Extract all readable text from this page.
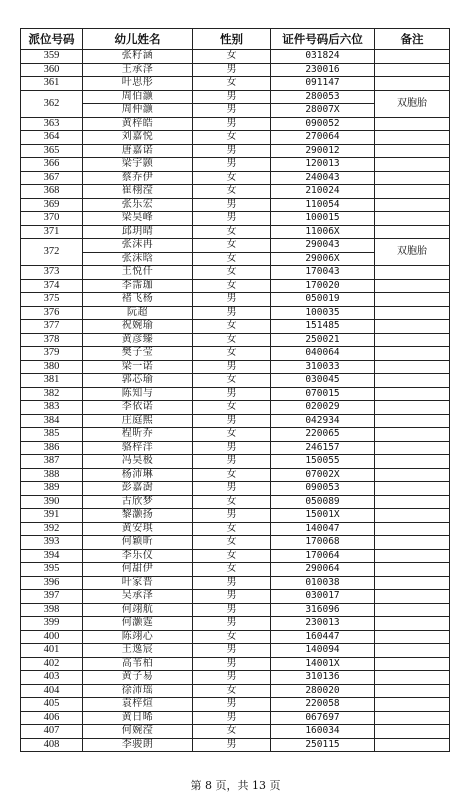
派位号码	幼儿姓名	性别	证件号码后六位	备注
359	张籽涵	女	031824	
360	王承泽	男	230016	
361	叶思彤	女	091147	
362	周伯灏	男	280053	双胞胎
	周仲灏	男	28007X	
363	黄梓皓	男	090052	
364	刘嘉悦	女	270064	
365	唐嘉诺	男	290012	
366	梁宇颢	男	120013	
367	蔡乔伊	女	240043	
368	崔栩滢	女	210024	
369	张乐宏	男	110054	
370	梁昊峰	男	100015	
371	邱玥晴	女	11006X	
372	张沫冉	女	290043	双胞胎
	张沫晗	女	29006X	
373	王悦仟	女	170043	
374	李霈珈	女	170020	
375	褚飞杨	男	050019	
376	阮超	男	100035	
377	祝婉瑜	女	151485	
378	黄彦臻	女	250021	
379	樊子莹	女	040064	
380	梁一诺	男	310033	
381	郭芯瑜	女	030045	
382	陈知与	男	070015	
383	李依诺	女	020029	
384	庄庭熙	男	042934	
385	程昕乔	女	220065	
386	骆梓洋	男	246157	
387	冯昊极	男	150055	
388	杨沛琳	女	07002X	
389	彭嘉澍	男	090053	
390	古欣梦	女	050089	
391	黎灏扬	男	15001X	
392	黄安琪	女	140047	
393	何颖昕	女	170068	
394	李乐仪	女	170064	
395	何甜伊	女	290064	
396	叶家晋	男	010038	
397	吴承泽	男	030017	
398	何翊航	男	316096	
399	何灏霆	男	230013	
400	陈翊心	女	160447	
401	王逸宸	男	140094	
402	高苇柏	男	14001X	
403	黄子易	男	310136	
404	徐沛瑶	女	280020	
405	袁梓煊	男	220058	
406	黄日晞	男	067697	
407	何婉滢	女	160034	
408	李骏朗	男	250115	
第 8 页，共 13 页
